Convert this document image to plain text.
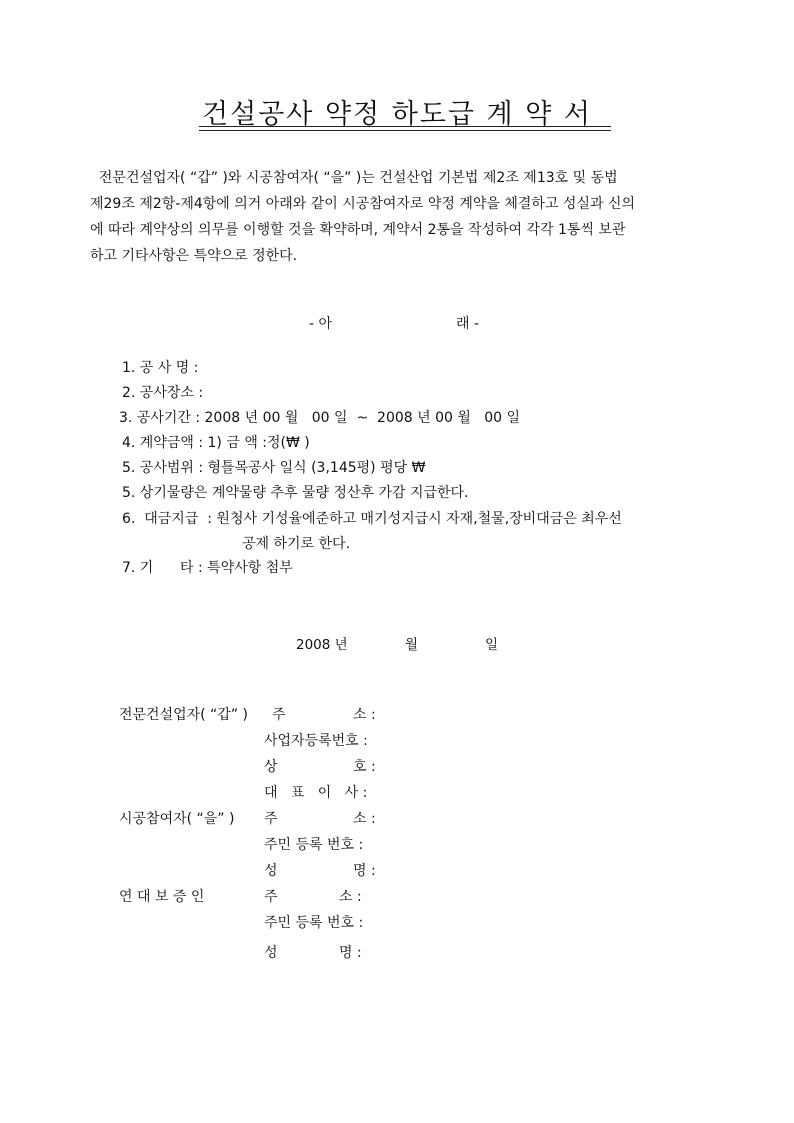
건설공사 약정 하도급 계 약 서
전문건설업자( “갑” )와 시공참여자( “을” )는 건설산업 기본법 제2조 제13호 및 동법
제29조 제2항-제4항에 의거 아래와 같이 시공참여자로 약정 계약을 체결하고 성실과 신의
에 따라 계약상의 의무를 이행할 것을 확약하며, 계약서 2통을 작성하여 각각 1통씩 보관
하고 기타사항은 특약으로 정한다.
- 아	래 -
1. 공 사 명 :
2. 공사장소 :
3. 공사기간 : 2008 년 00 월   00 일  ~  2008 년 00 월   00 일
4. 계약금액 : 1) 금 액 :정(₩ )
5. 공사범위 : 형틀목공사 일식 (3,145평) 평당 ₩
5. 상기물량은 계약물량 추후 물량 정산후 가감 지급한다.
6.  대금지급  : 원청사 기성율에준하고 매기성지급시 자재,철물,장비대금은 최우선
공제 하기로 한다.
7. 기      타 : 특약사항 첨부
2008 년	월	일
전문건설업자( “갑” ) 주	소 :
사업자등록번호 :
상	호 :
대   표   이   사 :
시공참여자( “을” ) 주	소 :
주민 등록 번호 :
성	명 :
연 대 보 증 인	주	소 :
주민 등록 번호 :
성	명 :
